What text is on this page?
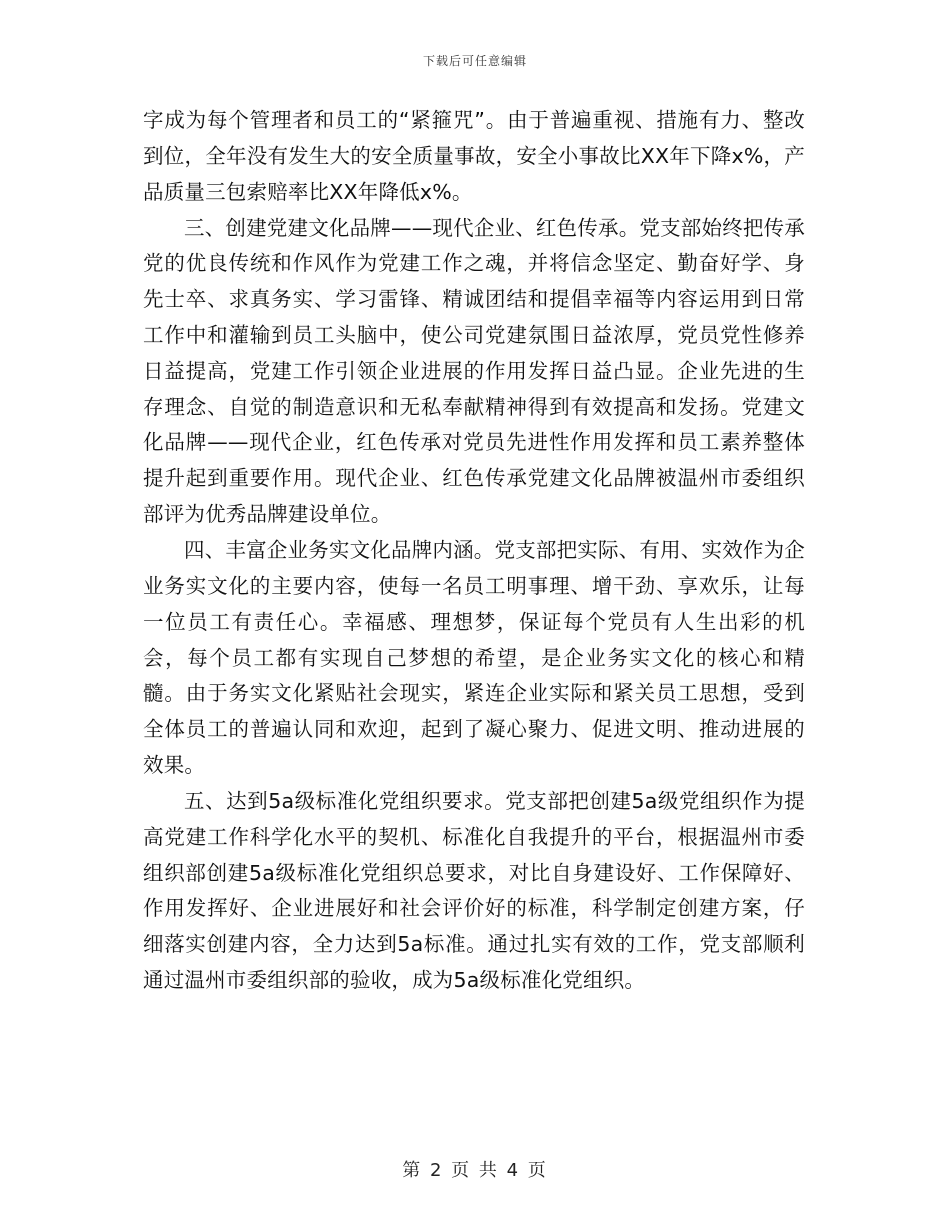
下载后可任意编辑

字成为每个管理者和员工的“紧箍咒”。由于普遍重视、措施有力、整改到位，全年没有发生大的安全质量事故，安全小事故比XX年下降x%，产品质量三包索赔率比XX年降低x%。

三、创建党建文化品牌——现代企业、红色传承。党支部始终把传承党的优良传统和作风作为党建工作之魂，并将信念坚定、勤奋好学、身先士卒、求真务实、学习雷锋、精诚团结和提倡幸福等内容运用到日常工作中和灌输到员工头脑中，使公司党建氛围日益浓厚，党员党性修养日益提高，党建工作引领企业进展的作用发挥日益凸显。企业先进的生存理念、自觉的制造意识和无私奉献精神得到有效提高和发扬。党建文化品牌——现代企业，红色传承对党员先进性作用发挥和员工素养整体提升起到重要作用。现代企业、红色传承党建文化品牌被温州市委组织部评为优秀品牌建设单位。

四、丰富企业务实文化品牌内涵。党支部把实际、有用、实效作为企业务实文化的主要内容，使每一名员工明事理、增干劲、享欢乐，让每一位员工有责任心。幸福感、理想梦，保证每个党员有人生出彩的机会，每个员工都有实现自己梦想的希望，是企业务实文化的核心和精髓。由于务实文化紧贴社会现实，紧连企业实际和紧关员工思想，受到全体员工的普遍认同和欢迎，起到了凝心聚力、促进文明、推动进展的效果。

五、达到5a级标准化党组织要求。党支部把创建5a级党组织作为提高党建工作科学化水平的契机、标准化自我提升的平台，根据温州市委组织部创建5a级标准化党组织总要求，对比自身建设好、工作保障好、作用发挥好、企业进展好和社会评价好的标准，科学制定创建方案，仔细落实创建内容，全力达到5a标准。通过扎实有效的工作，党支部顺利通过温州市委组织部的验收，成为5a级标准化党组织。

第 2 页 共 4 页
